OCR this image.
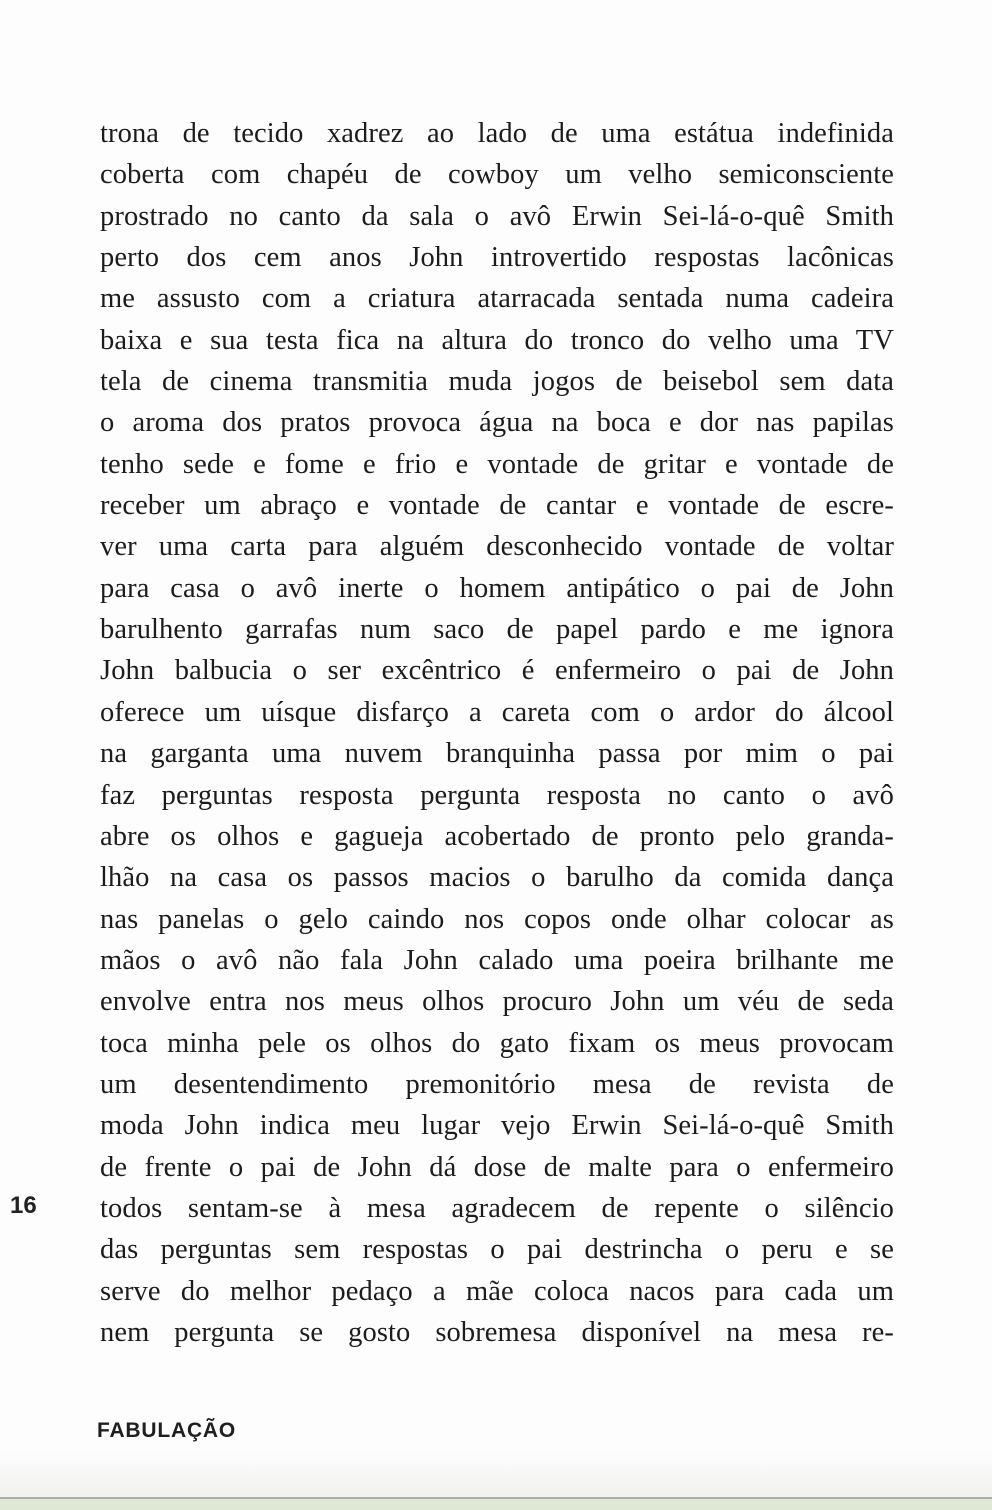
16
trona de tecido xadrez ao lado de uma estátua indefinida
coberta com chapéu de cowboy um velho semiconsciente
prostrado no canto da sala o avô Erwin Sei-lá-o-quê Smith
perto dos cem anos John introvertido respostas lacônicas
me assusto com a criatura atarracada sentada numa cadeira
baixa e sua testa fica na altura do tronco do velho uma TV
tela de cinema transmitia muda jogos de beisebol sem data
o aroma dos pratos provoca água na boca e dor nas papilas
tenho sede e fome e frio e vontade de gritar e vontade de
receber um abraço e vontade de cantar e vontade de escre-
ver uma carta para alguém desconhecido vontade de voltar
para casa o avô inerte o homem antipático o pai de John
barulhento garrafas num saco de papel pardo e me ignora
John balbucia o ser excêntrico é enfermeiro o pai de John
oferece um uísque disfarço a careta com o ardor do álcool
na garganta uma nuvem branquinha passa por mim o pai
faz perguntas resposta pergunta resposta no canto o avô
abre os olhos e gagueja acobertado de pronto pelo granda-
lhão na casa os passos macios o barulho da comida dança
nas panelas o gelo caindo nos copos onde olhar colocar as
mãos o avô não fala John calado uma poeira brilhante me
envolve entra nos meus olhos procuro John um véu de seda
toca minha pele os olhos do gato fixam os meus provocam
um desentendimento premonitório mesa de revista de
moda John indica meu lugar vejo Erwin Sei-lá-o-quê Smith
de frente o pai de John dá dose de malte para o enfermeiro
todos sentam-se à mesa agradecem de repente o silêncio
das perguntas sem respostas o pai destrincha o peru e se
serve do melhor pedaço a mãe coloca nacos para cada um
nem pergunta se gosto sobremesa disponível na mesa re-
FABULAÇÃO
